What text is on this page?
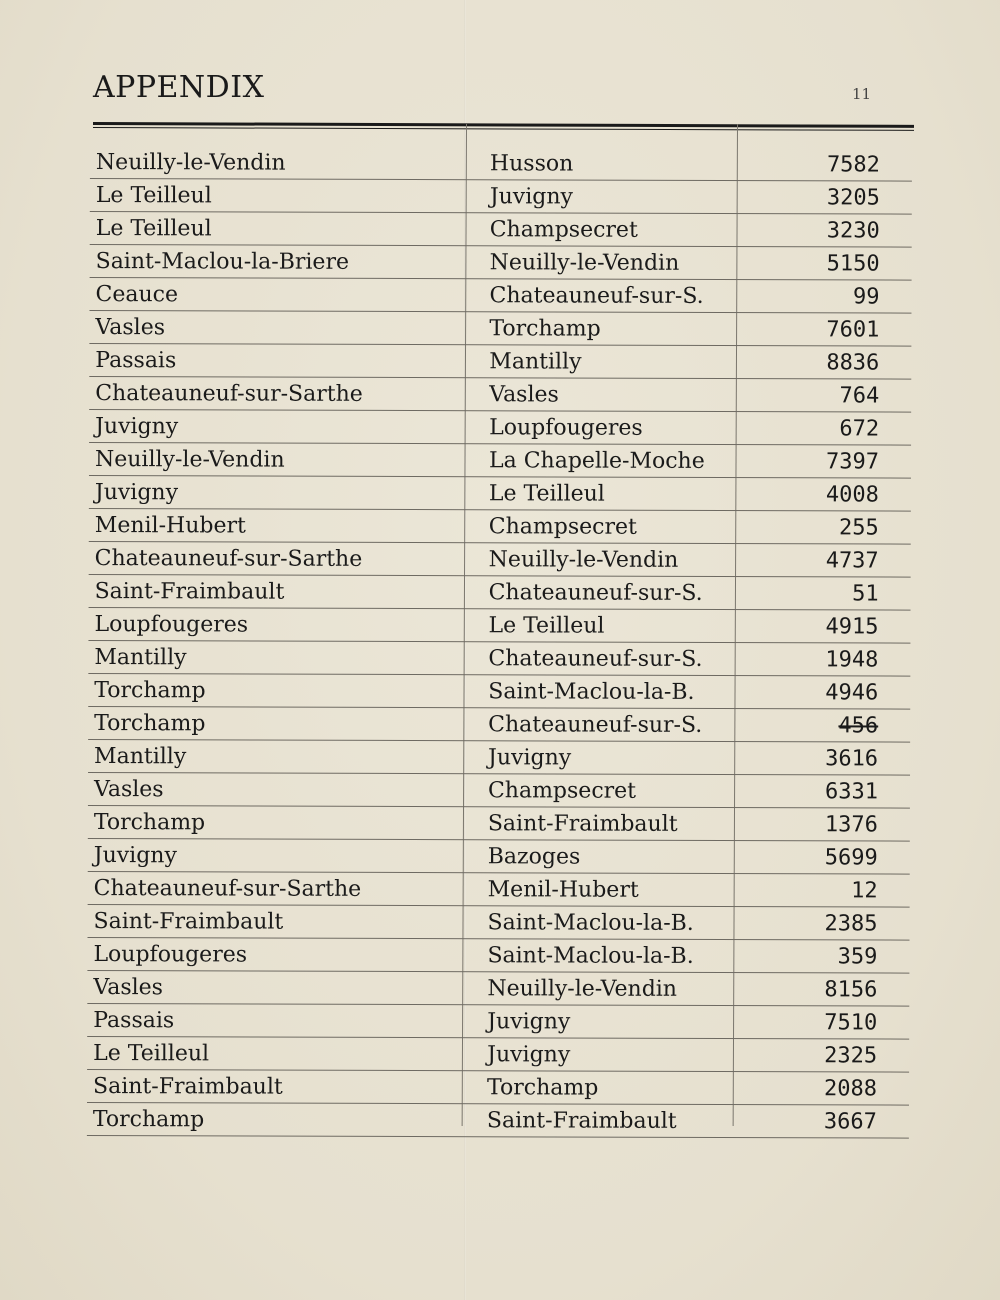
APPENDIX	11
Neuilly-le-Vendin	Husson	7582
Le Teilleul	Juvigny	3205
Le Teilleul	Champsecret	3230
Saint-Maclou-la-Briere	Neuilly-le-Vendin	5150
Ceauce	Chateauneuf-sur-S.	99
Vasles	Torchamp	7601
Passais	Mantilly	8836
Chateauneuf-sur-Sarthe	Vasles	764
Juvigny	Loupfougeres	672
Neuilly-le-Vendin	La Chapelle-Moche	7397
Juvigny	Le Teilleul	4008
Menil-Hubert	Champsecret	255
Chateauneuf-sur-Sarthe	Neuilly-le-Vendin	4737
Saint-Fraimbault	Chateauneuf-sur-S.	51
Loupfougeres	Le Teilleul	4915
Mantilly	Chateauneuf-sur-S.	1948
Torchamp	Saint-Maclou-la-B.	4946
Torchamp	Chateauneuf-sur-S.	456
Mantilly	Juvigny	3616
Vasles	Champsecret	6331
Torchamp	Saint-Fraimbault	1376
Juvigny	Bazoges	5699
Chateauneuf-sur-Sarthe	Menil-Hubert	12
Saint-Fraimbault	Saint-Maclou-la-B.	2385
Loupfougeres	Saint-Maclou-la-B.	359
Vasles	Neuilly-le-Vendin	8156
Passais	Juvigny	7510
Le Teilleul	Juvigny	2325
Saint-Fraimbault	Torchamp	2088
Torchamp	Saint-Fraimbault	3667
